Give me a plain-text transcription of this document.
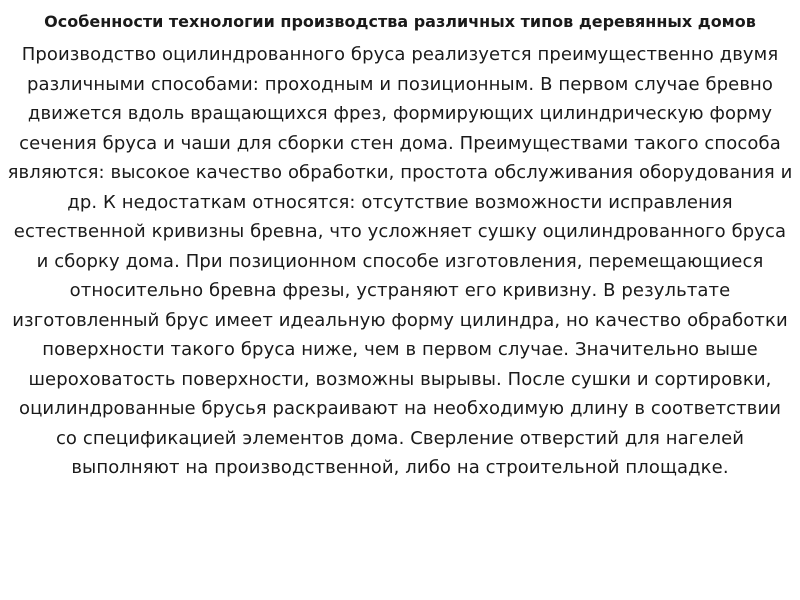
Особенности технологии производства различных типов деревянных домов

Производство оцилиндрованного бруса реализуется преимущественно двумя различными способами: проходным и позиционным. В первом случае бревно движется вдоль вращающихся фрез, формирующих цилиндрическую форму сечения бруса и чаши для сборки стен дома. Преимуществами такого способа являются: высокое качество обработки, простота обслуживания оборудования и др. К недостаткам относятся: отсутствие возможности исправления естественной кривизны бревна, что усложняет сушку оцилиндрованного бруса и сборку дома. При позиционном способе изготовления, перемещающиеся относительно бревна фрезы, устраняют его кривизну. В результате изготовленный брус имеет идеальную форму цилиндра, но качество обработки поверхности такого бруса ниже, чем в первом случае. Значительно выше шероховатость поверхности, возможны вырывы. После сушки и сортировки, оцилиндрованные брусья раскраивают на необходимую длину в соответствии со спецификацией элементов дома. Сверление отверстий для нагелей выполняют на производственной, либо на строительной площадке.
